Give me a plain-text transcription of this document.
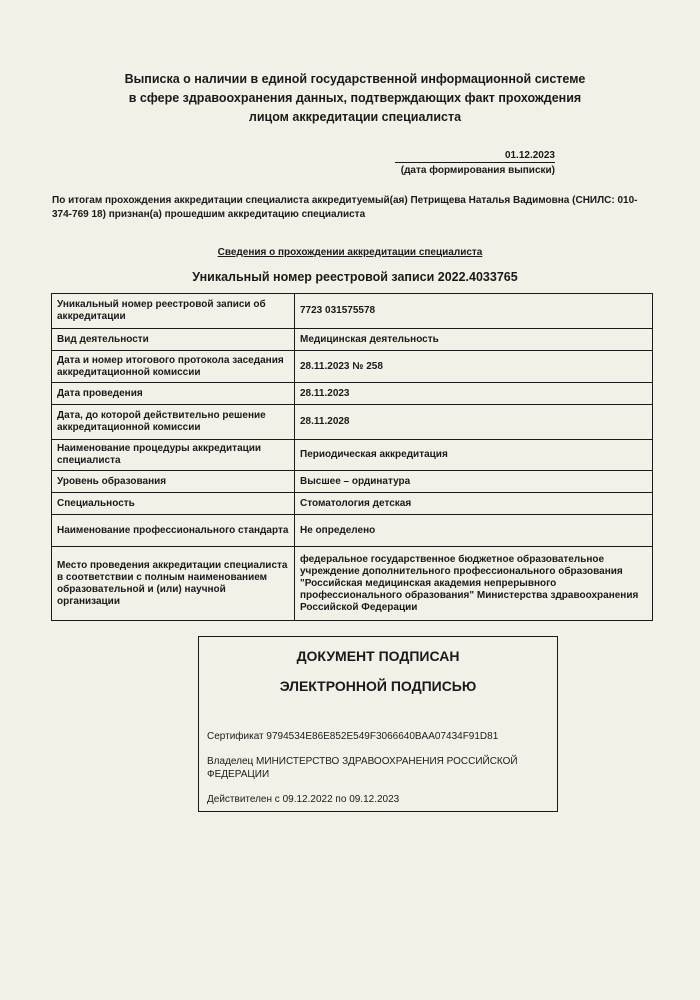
Выписка о наличии в единой государственной информационной системе в сфере здравоохранения данных, подтверждающих факт прохождения лицом аккредитации специалиста
01.12.2023
(дата формирования выписки)
По итогам прохождения аккредитации специалиста аккредитуемый(ая) Петрищева Наталья Вадимовна (СНИЛС: 010-374-769 18) признан(а) прошедшим аккредитацию специалиста
Сведения о прохождении аккредитации специалиста
Уникальный номер реестровой записи 2022.4033765
Уникальный номер реестровой записи об аккредитации	7723 031575578
Вид деятельности	Медицинская деятельность
Дата и номер итогового протокола заседания аккредитационной комиссии	28.11.2023 № 258
Дата проведения	28.11.2023
Дата, до которой действительно решение аккредитационной комиссии	28.11.2028
Наименование процедуры аккредитации специалиста	Периодическая аккредитация
Уровень образования	Высшее – ординатура
Специальность	Стоматология детская
Наименование профессионального стандарта	Не определено
Место проведения аккредитации специалиста в соответствии с полным наименованием образовательной и (или) научной организации	федеральное государственное бюджетное образовательное учреждение дополнительного профессионального образования "Российская медицинская академия непрерывного профессионального образования" Министерства здравоохранения Российской Федерации
ДОКУМЕНТ ПОДПИСАН
ЭЛЕКТРОННОЙ ПОДПИСЬЮ
Сертификат 9794534E86E852E549F3066640BAA07434F91D81
Владелец МИНИСТЕРСТВО ЗДРАВООХРАНЕНИЯ РОССИЙСКОЙ ФЕДЕРАЦИИ
Действителен с 09.12.2022 по 09.12.2023
